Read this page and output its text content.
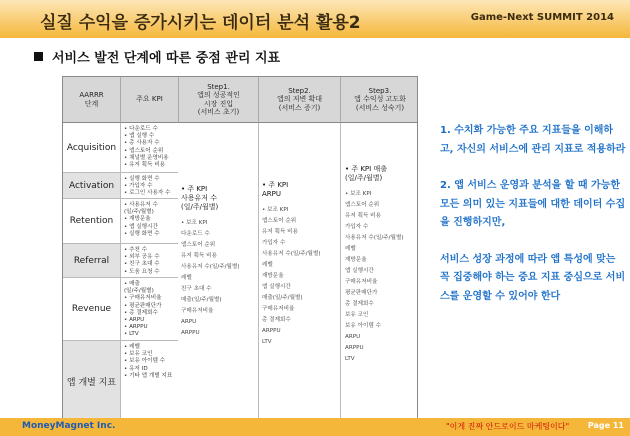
실질 수익을 증가시키는 데이터 분석 활용2	Game-Next SUMMIT 2014
서비스 발전 단계에 따른 중점 관리 지표
AARRR
단계
주요 KPI
Step1.
앱의 성공적인
시장 진입
(서비스 초기)
Step2.
앱의 저변 확대
(서비스 증기)
Step3.
앱 수익성 고도화
(서비스 성숙기)
• 주 KPI
사용유저 수
(일/주/월별)
• 보조 KPI
다운로드 수
앱스토어 순위
유저 획득 비용
사용유저 수(일/주/월별)
레벨
친구 초대 수
매출(일/주/월별)
구매유저비율
ARPU
ARPPU
• 주 KPI
ARPU
• 보조 KPI
앱스토어 순위
유저 획득 비용
가입자 수
사용유저 수(일/주/월별)
레벨
재방문율
앱 실행시간
매출(일/주/월별)
구매유저비율
총 결제회수
ARPPU
LTV
• 주 KPI 매출
(일/주/월별)
• 보조 KPI
앱스토어 순위
유저 획득 비용
가입자 수
사용유저 수(일/주/월별)
레벨
재방문율
앱 실행시간
구매유저비율
평균판매단가
총 결제회수
보유 코인
보유 아이템 수
ARPU
ARPPU
LTV
Acquisition
• 다운로드 수
• 앱 실행 수
• 총 사용자 수
• 앱스토어 순위
• 채널별 운영비용
• 유저 획득 비용
Activation
• 실행 화면 수
• 가입자 수
• 로그인 사용자 수
Retention
• 사용유저 수
(일/주/월별)
• 재방문율
• 앱 실행시간
• 실행 화면 수
Referral
• 추천 수
• 외부 공유 수
• 친구 초대 수
• 도움 요청 수
Revenue
• 매출
(일/주/월별)
• 구매유저비율
• 평균판매단가
• 총 결제회수
• ARPU
• ARPPU
• LTV
앱 개별 지표
• 레벨
• 보유 코인
• 보유 아이템 수
• 유저 ID
• 기타 앱 개별 지표
1. 수치화 가능한 주요 지표들을 이해하고, 자신의 서비스에 관리 지표로 적용하라
2. 앱 서비스 운영과 분석을 할 때 가능한 모든 의미 있는 지표들에 대한 데이터 수집을 진행하지만,
서비스 성장 과정에 따라 앱 특성에 맞는 꼭 집중해야 하는 중요 지표 중심으로 서비스를 운영할 수 있어야 한다
MoneyMagnet Inc.	"이게 진짜 안드로이드 마케팅이다" Page 11
